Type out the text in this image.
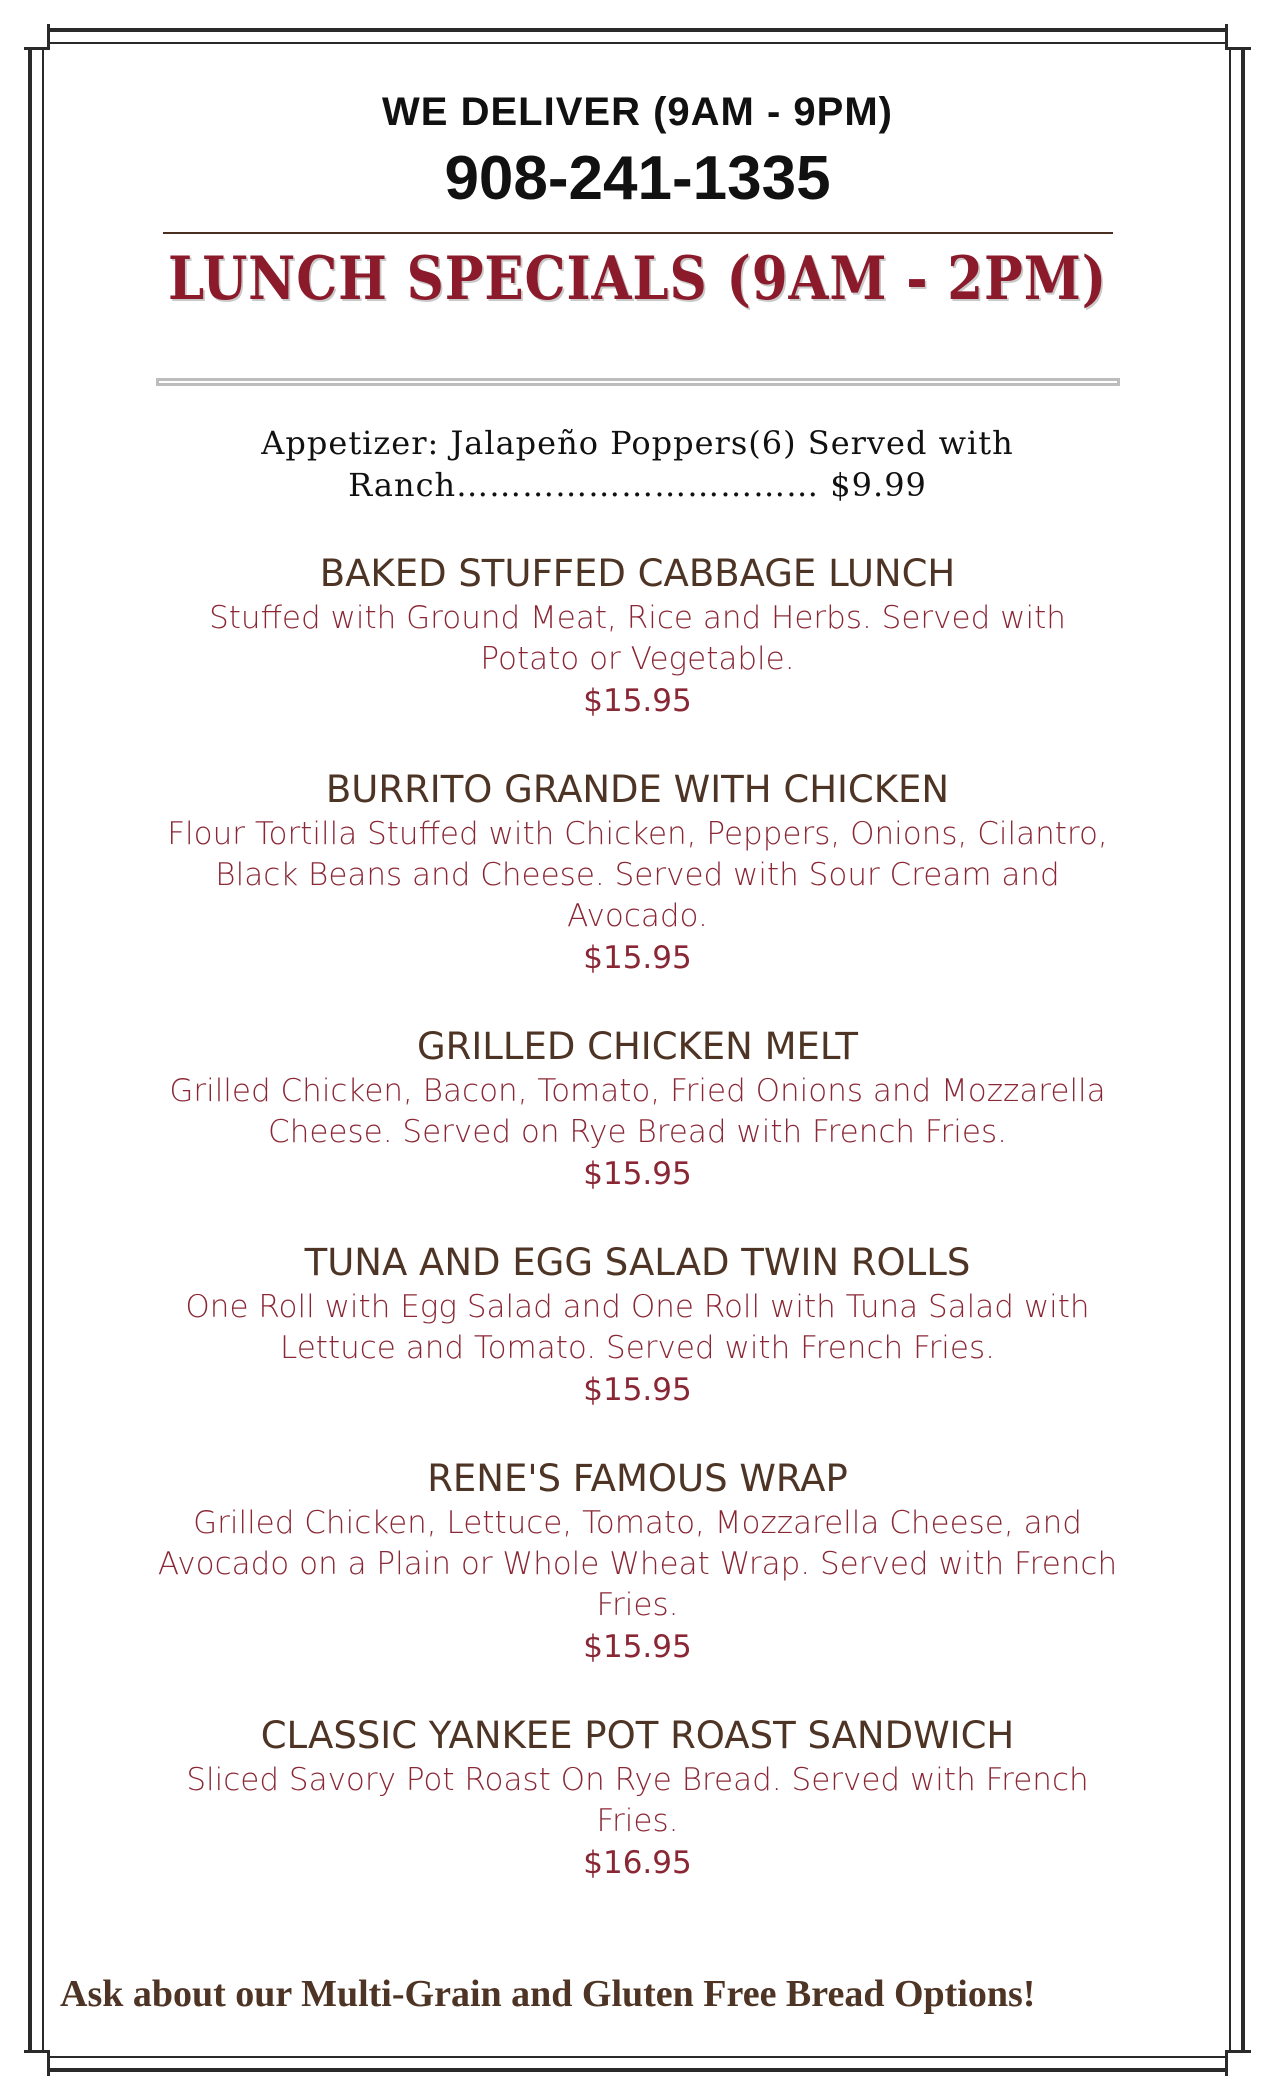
WE DELIVER (9AM - 9PM)
908-241-1335
LUNCH SPECIALS (9AM - 2PM)
Appetizer: Jalapeño Poppers(6) Served with Ranch…………………………… $9.99
BAKED STUFFED CABBAGE LUNCH
Stuffed with Ground Meat, Rice and Herbs. Served with Potato or Vegetable.
$15.95
BURRITO GRANDE WITH CHICKEN
Flour Tortilla Stuffed with Chicken, Peppers, Onions, Cilantro, Black Beans and Cheese. Served with Sour Cream and Avocado.
$15.95
GRILLED CHICKEN MELT
Grilled Chicken, Bacon, Tomato, Fried Onions and Mozzarella Cheese. Served on Rye Bread with French Fries.
$15.95
TUNA AND EGG SALAD TWIN ROLLS
One Roll with Egg Salad and One Roll with Tuna Salad with Lettuce and Tomato. Served with French Fries.
$15.95
RENE'S FAMOUS WRAP
Grilled Chicken, Lettuce, Tomato, Mozzarella Cheese, and Avocado on a Plain or Whole Wheat Wrap. Served with French Fries.
$15.95
CLASSIC YANKEE POT ROAST SANDWICH
Sliced Savory Pot Roast On Rye Bread. Served with French Fries.
$16.95
Ask about our Multi-Grain and Gluten Free Bread Options!
